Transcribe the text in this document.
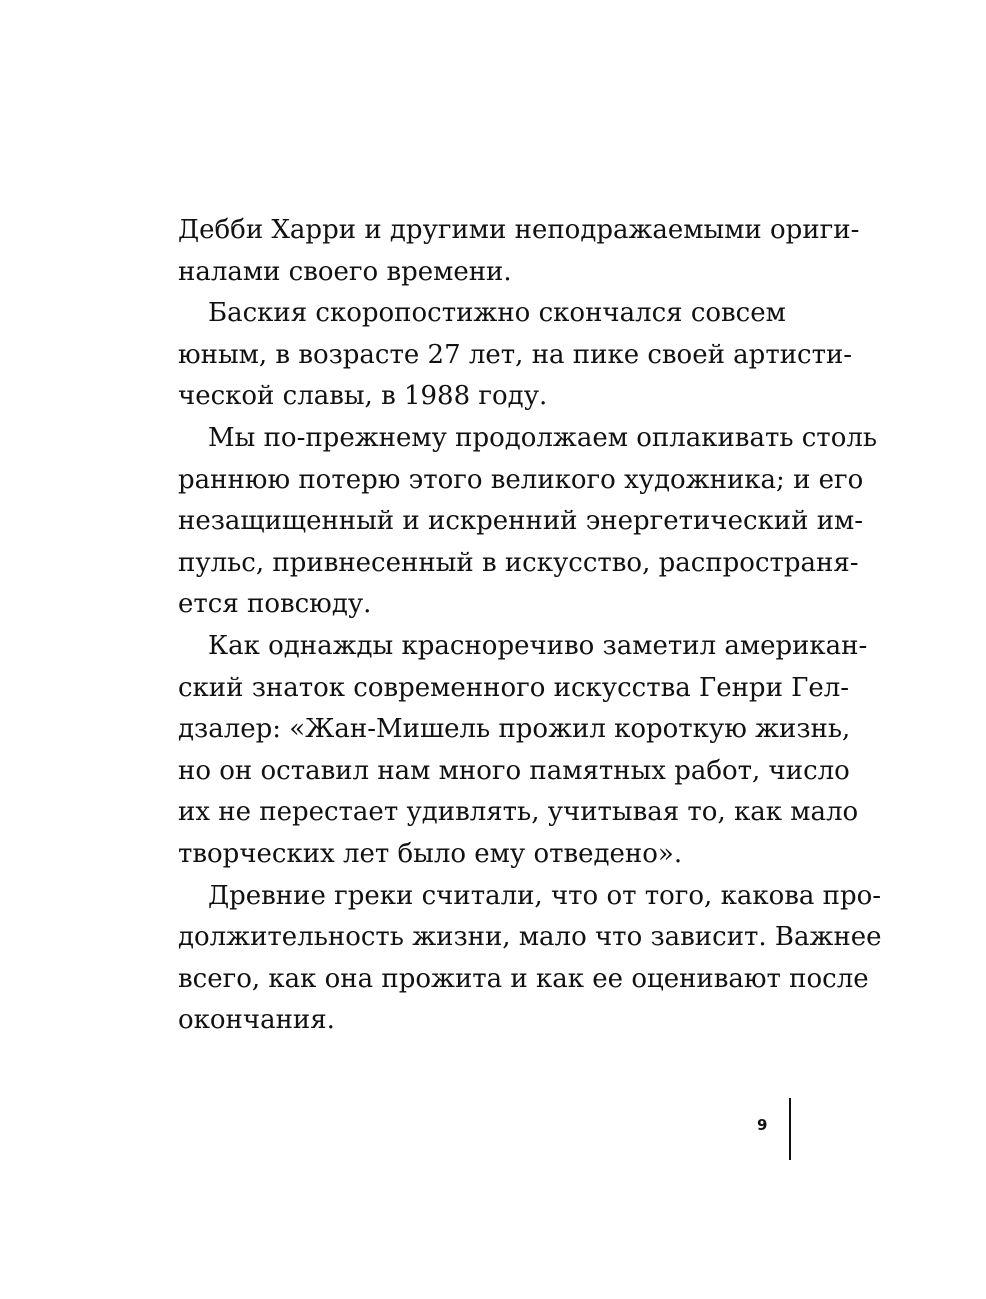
Дебби Харри и другими неподражаемыми ориги-
налами своего времени.
Баския скоропостижно скончался совсем
юным, в возрасте 27 лет, на пике своей артисти-
ческой славы, в 1988 году.
Мы по-прежнему продолжаем оплакивать столь
раннюю потерю этого великого художника; и его
незащищенный и искренний энергетический им-
пульс, привнесенный в искусство, распространя-
ется повсюду.
Как однажды красноречиво заметил американ-
ский знаток современного искусства Генри Гел-
дзалер: «Жан-Мишель прожил короткую жизнь,
но он оставил нам много памятных работ, число
их не перестает удивлять, учитывая то, как мало
творческих лет было ему отведено».
Древние греки считали, что от того, какова про-
должительность жизни, мало что зависит. Важнее
всего, как она прожита и как ее оценивают после
окончания.
9
